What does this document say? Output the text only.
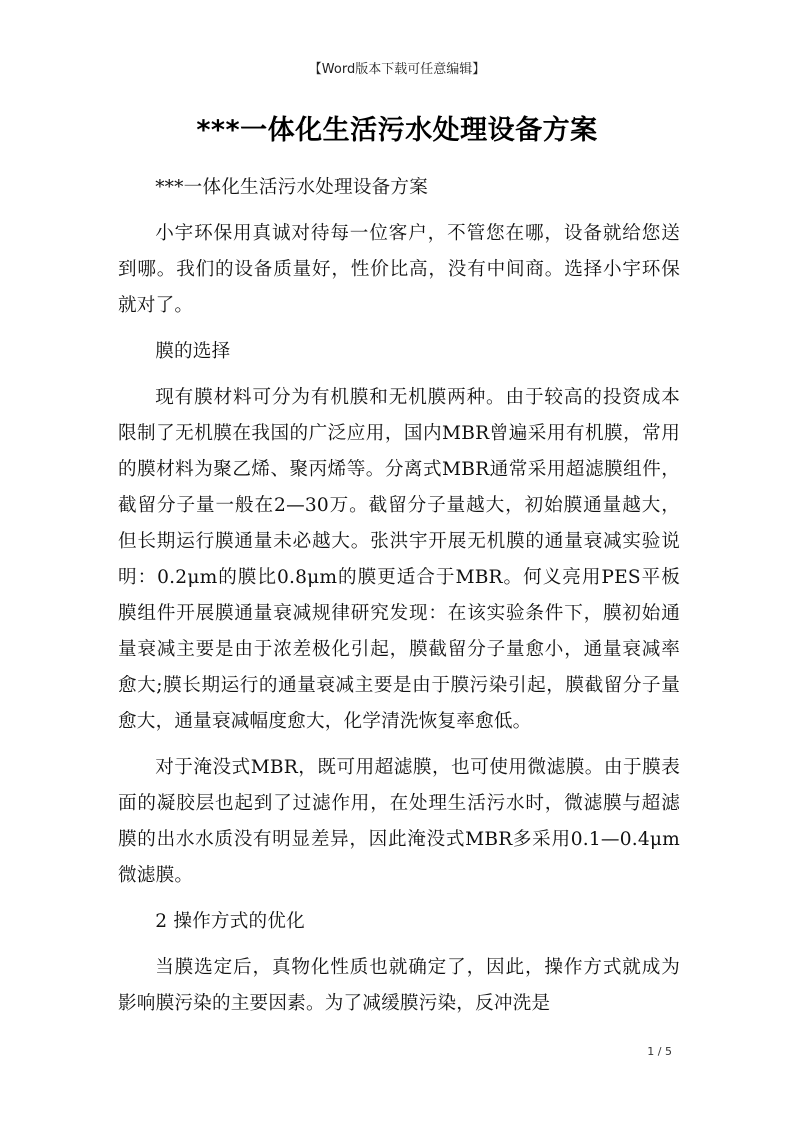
【Word版本下载可任意编辑】
***一体化生活污水处理设备方案

***一体化生活污水处理设备方案

小宇环保用真诚对待每一位客户，不管您在哪，设备就给您送到哪。我们的设备质量好，性价比高，没有中间商。选择小宇环保就对了。

膜的选择

现有膜材料可分为有机膜和无机膜两种。由于较高的投资成本限制了无机膜在我国的广泛应用，国内MBR曾遍采用有机膜，常用的膜材料为聚乙烯、聚丙烯等。分离式MBR通常采用超滤膜组件，截留分子量一般在2—30万。截留分子量越大，初始膜通量越大，但长期运行膜通量未必越大。张洪宇开展无机膜的通量衰减实验说明：0.2μm的膜比0.8μm的膜更适合于MBR。何义亮用PES平板膜组件开展膜通量衰减规律研究发现：在该实验条件下，膜初始通量衰减主要是由于浓差极化引起，膜截留分子量愈小，通量衰减率愈大;膜长期运行的通量衰减主要是由于膜污染引起，膜截留分子量愈大，通量衰减幅度愈大，化学清洗恢复率愈低。

对于淹没式MBR，既可用超滤膜，也可使用微滤膜。由于膜表面的凝胶层也起到了过滤作用，在处理生活污水时，微滤膜与超滤膜的出水水质没有明显差异，因此淹没式MBR多采用0.1—0.4μm微滤膜。

2 操作方式的优化

当膜选定后，真物化性质也就确定了，因此，操作方式就成为影响膜污染的主要因素。为了减缓膜污染，反冲洗是

1 / 5
